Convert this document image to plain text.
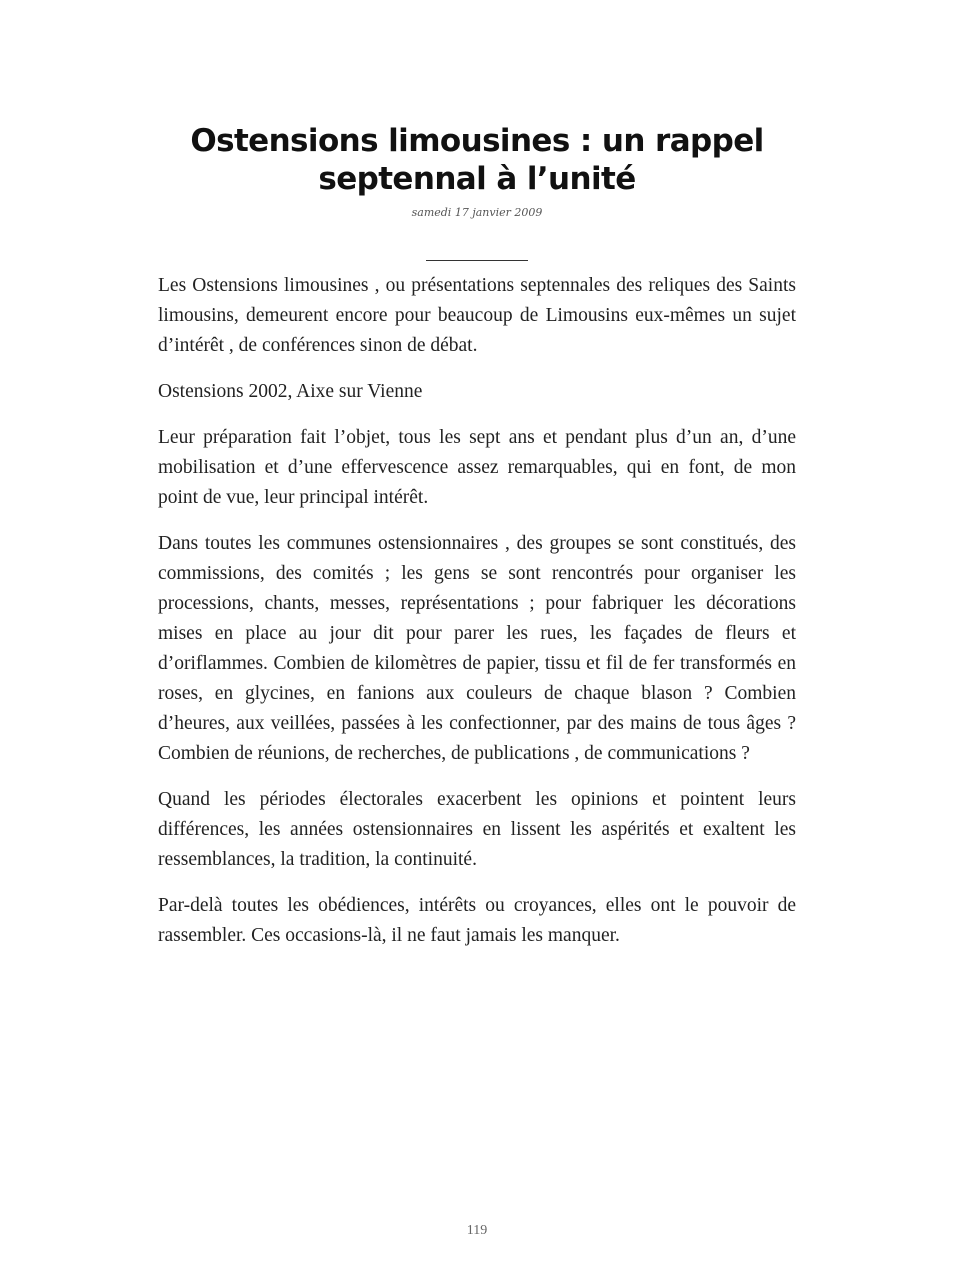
Ostensions limousines : un rappel septennal à l’unité
samedi 17 janvier 2009

Les Ostensions limousines , ou présentations septennales des reliques des Saints limousins, demeurent encore pour beaucoup de Limousins eux-mêmes un sujet d’intérêt , de conférences sinon de débat.

Ostensions 2002, Aixe sur Vienne

Leur préparation fait l’objet, tous les sept ans et pendant plus d’un an, d’une mobilisation et d’une effervescence assez remarquables, qui en font, de mon point de vue, leur principal intérêt.

Dans toutes les communes ostensionnaires , des groupes se sont constitués, des commissions, des comités ; les gens se sont rencontrés pour organiser les processions, chants, messes, représentations ; pour fabriquer les décorations mises en place au jour dit pour parer les rues, les façades de fleurs et d’oriflammes. Combien de kilomètres de papier, tissu et fil de fer transformés en roses, en glycines, en fanions aux couleurs de chaque blason ? Combien d’heures, aux veillées, passées à les confectionner, par des mains de tous âges ? Combien de réunions, de recherches, de publications , de communications ?

Quand les périodes électorales exacerbent les opinions et pointent leurs différences, les années ostensionnaires en lissent les aspérités et exaltent les ressemblances, la tradition, la continuité.

Par-delà toutes les obédiences, intérêts ou croyances, elles ont le pouvoir de rassembler. Ces occasions-là, il ne faut jamais les manquer.

119
